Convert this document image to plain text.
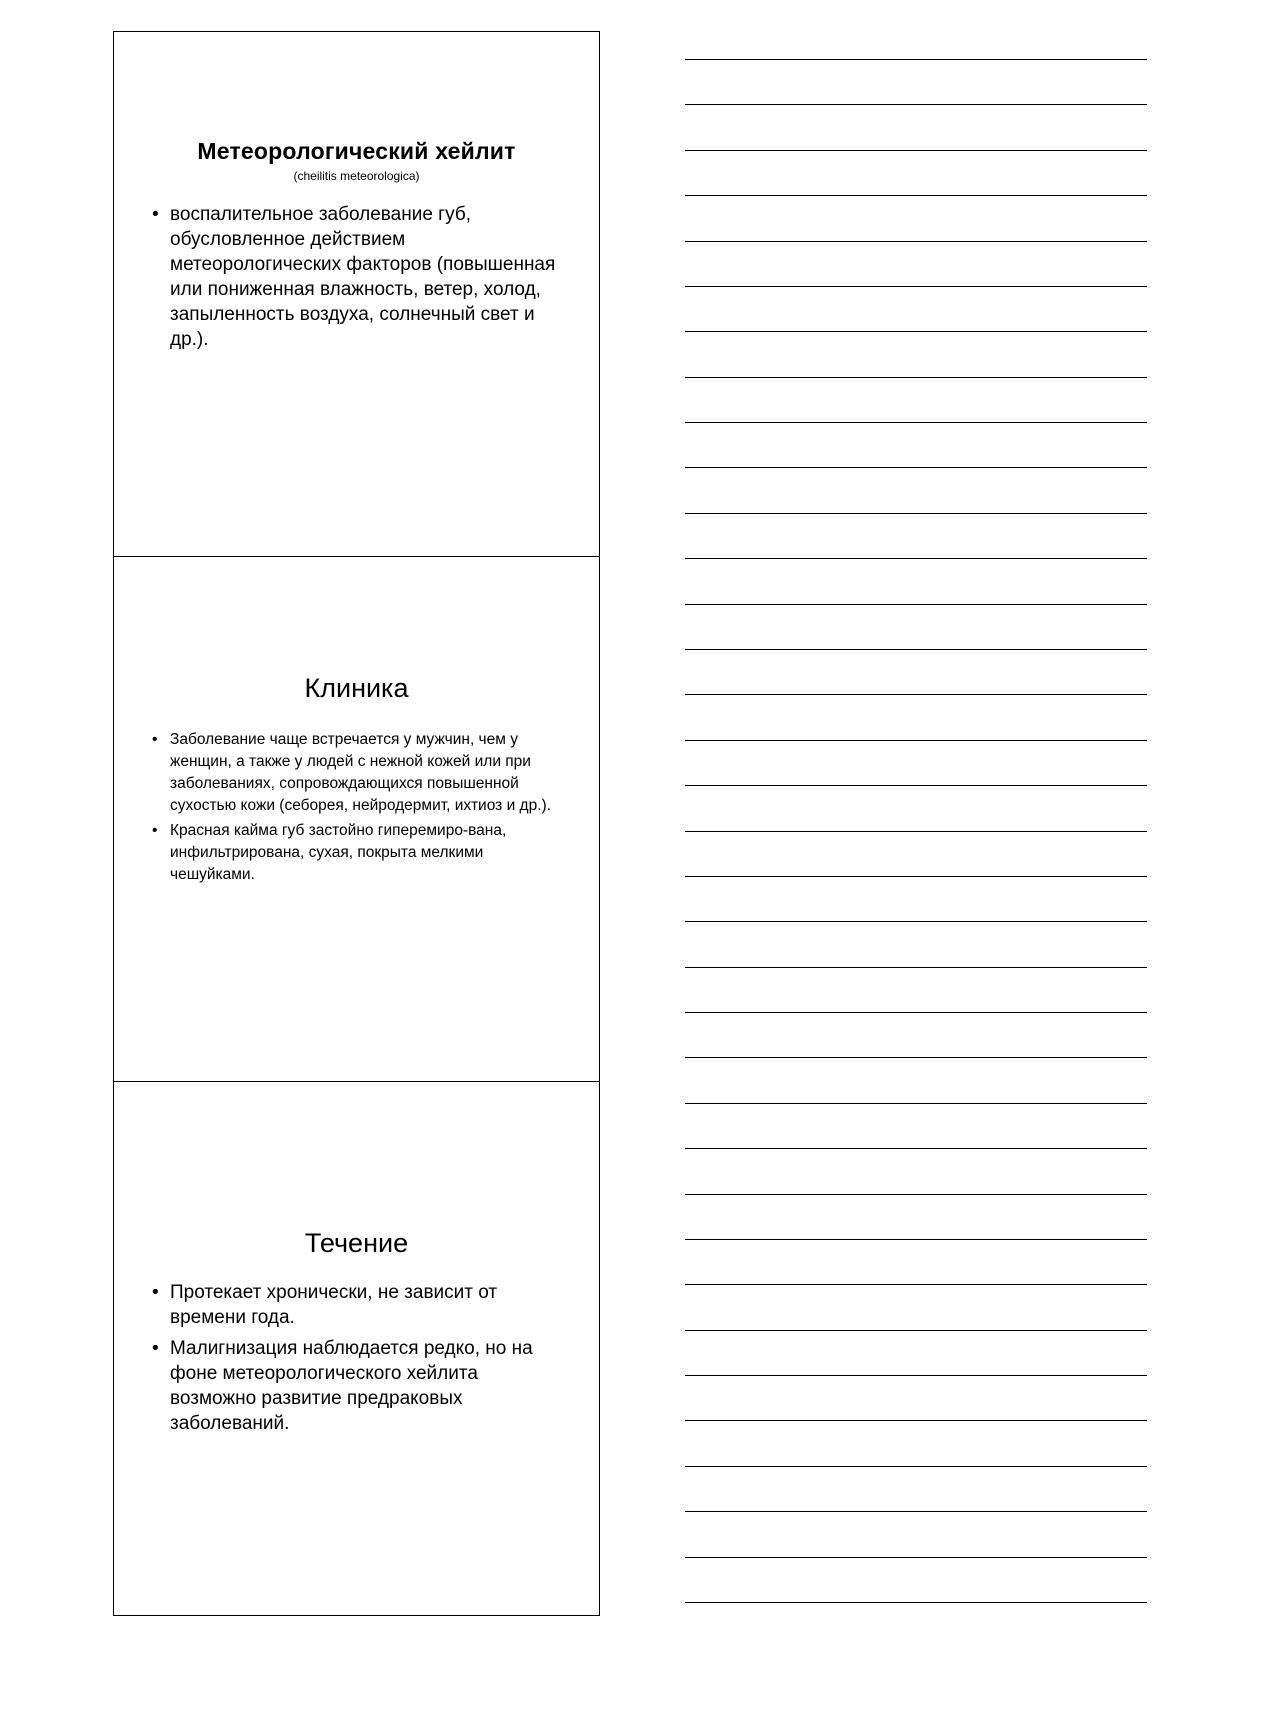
Метеорологический хейлит
(cheilitis meteorologica)
• воспалительное заболевание губ, обусловленное действием метеорологических факторов (повышенная или пониженная влажность, ветер, холод, запыленность воздуха, солнечный свет и др.).
Клиника
• Заболевание чаще встречается у мужчин, чем у женщин, а также у людей с нежной кожей или при заболеваниях, сопровождающихся повышенной сухостью кожи (себорея, нейродермит, ихтиоз и др.).
• Красная кайма губ застойно гиперемиро-вана, инфильтрирована, сухая, покрыта мелкими чешуйками.
Течение
• Протекает хронически, не зависит от времени года.
• Малигнизация наблюдается редко, но на фоне метеорологического хейлита возможно развитие предраковых заболеваний.
